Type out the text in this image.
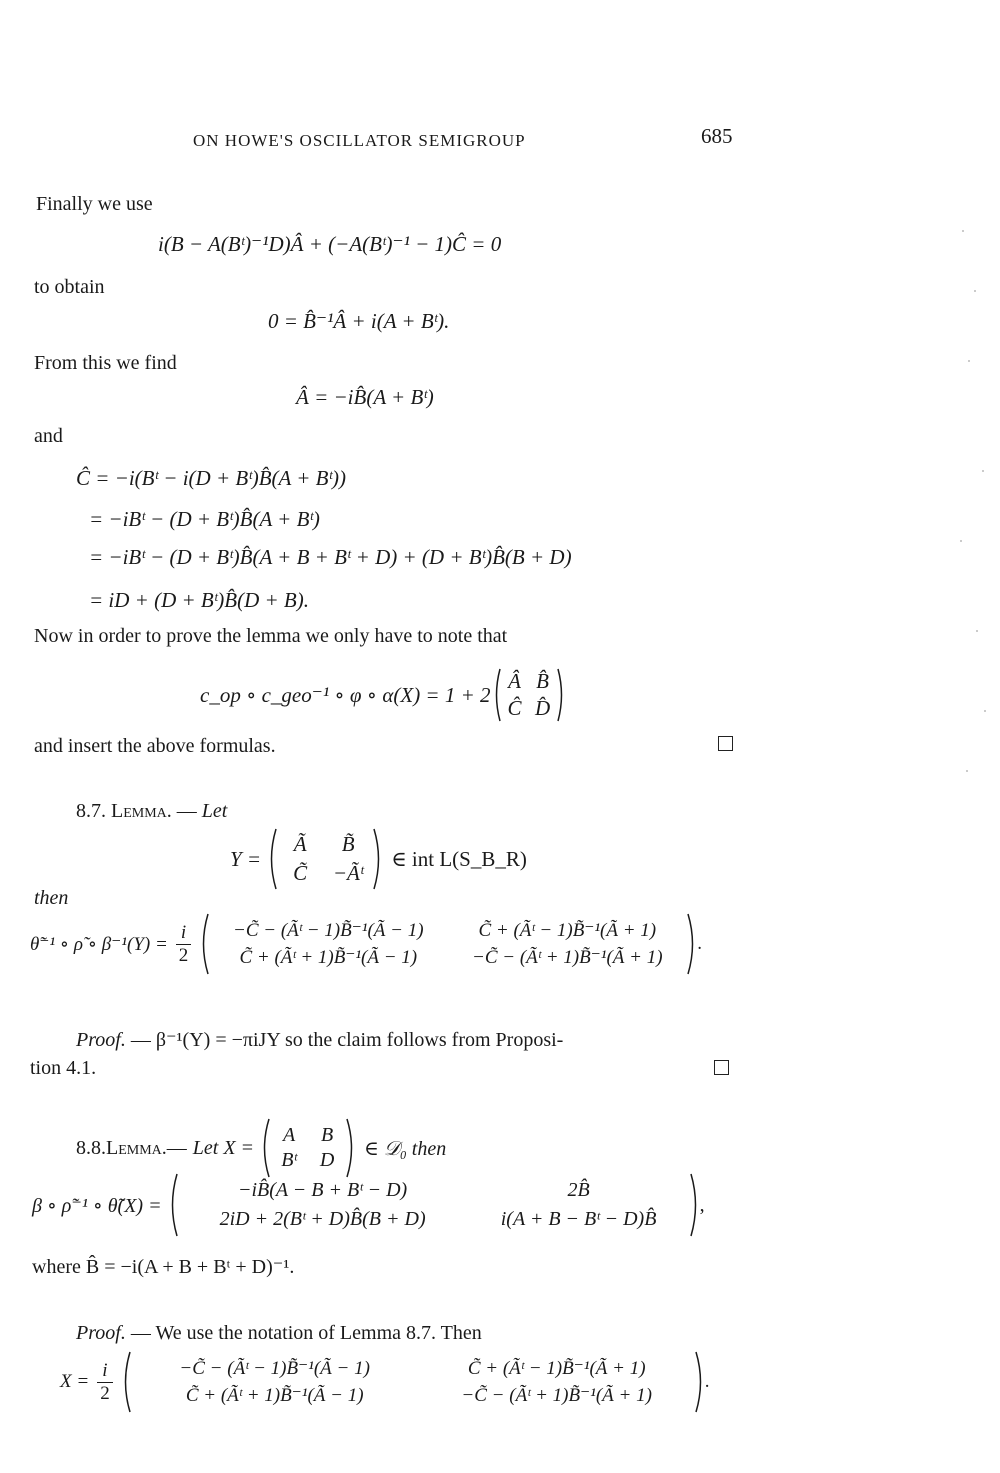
ON HOWE'S OSCILLATOR SEMIGROUP	685
Finally we use
i(B − A(Bᵗ)⁻¹D)Â + (−A(Bᵗ)⁻¹ − 1)Ĉ = 0
to obtain
0 = B̂⁻¹Â + i(A + Bᵗ).
From this we find
Â = −iB̂(A + Bᵗ)
and
Ĉ = −i(Bᵗ − i(D + Bᵗ)B̂(A + Bᵗ))
= −iBᵗ − (D + Bᵗ)B̂(A + Bᵗ)
= −iBᵗ − (D + Bᵗ)B̂(A + B + Bᵗ + D) + (D + Bᵗ)B̂(B + D)
= iD + (D + Bᵗ)B̂(D + B).
Now in order to prove the lemma we only have to note that
c_op ∘ c_geo⁻¹ ∘ φ ∘ α(X) = 1 + 2
Â B̂
Ĉ D̂
and insert the above formulas.
8.7. Lemma. — Let
Y =
Ã	B̃
C̃	−Ãᵗ
∈ int L(S_B_R)
then
θ̃⁻¹ ∘ ρ̃ ∘ $\beta^{-1}(Y) = \frac{i}{2}$	−C̃ − (Ãᵗ − 1)B̃⁻¹(Ã − 1)	C̃ + (Ãᵗ − 1)B̃⁻¹(Ã + 1)
C̃ + (Ãᵗ + 1)B̃⁻¹(Ã − 1)	−C̃ − (Ãᵗ + 1)B̃⁻¹(Ã + 1)
.
Proof. — β⁻¹(Y) = −πiJY so the claim follows from Proposi-
tion 4.1.
8.8. Lemma. — Let X =
A	B
Bᵗ	D
∈ 𝒟₀ then
β ∘ ρ̃⁻¹ ∘ θ̃(X) =
−iB̂(A − B + Bᵗ − D)	2B̂
2iD + 2(Bᵗ + D)B̂(B + D)	i(A + B − Bᵗ − D)B̂
,
where B̂ = −i(A + B + Bᵗ + D)⁻¹.
Proof. — We use the notation of Lemma 8.7. Then
$X = \frac{i}{2}$	−C̃ − (Ãᵗ − 1)B̃⁻¹(Ã − 1)	C̃ + (Ãᵗ − 1)B̃⁻¹(Ã + 1)
C̃ + (Ãᵗ + 1)B̃⁻¹(Ã − 1)	−C̃ − (Ãᵗ + 1)B̃⁻¹(Ã + 1)
.
